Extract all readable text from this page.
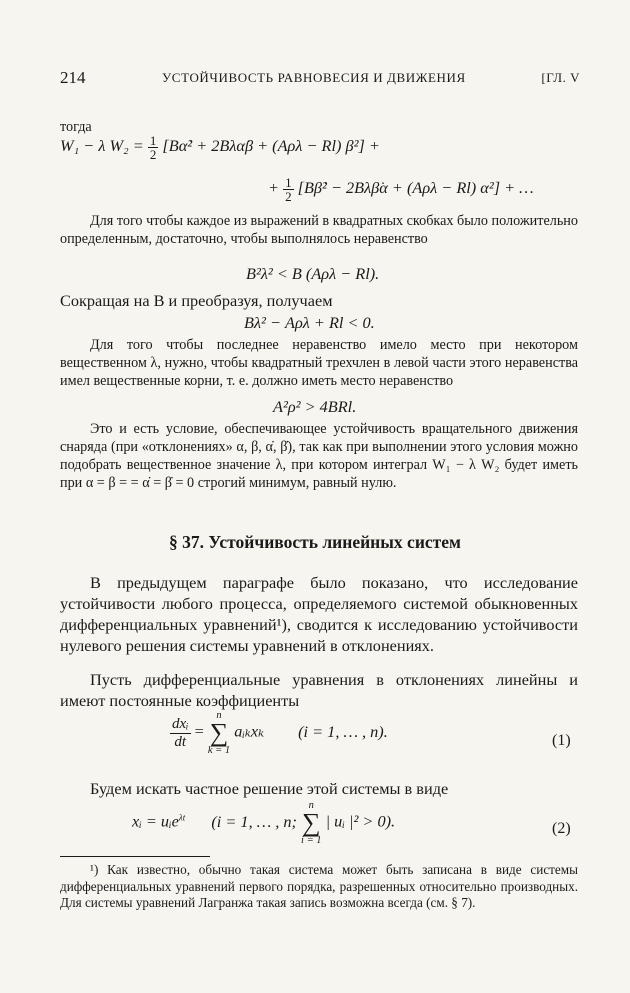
214	УСТОЙЧИВОСТЬ РАВНОВЕСИЯ И ДВИЖЕНИЯ	[ГЛ. V
тогда
W₁ − λ $W_2 = \frac{1}{2}$ [Bα̇² + 2Bλα̇β + (Aρλ − Rl) β²] +
+ $\frac{1}{2}$ [Bβ̇² − 2Bλβ̇α + (Aρλ − Rl) α²] + …

Для того чтобы каждое из выражений в квадратных скобках было положительно определенным, достаточно, чтобы выполнялось неравенство

B²λ² < B (Aρλ − Rl).

Сокращая на B и преобразуя, получаем

Bλ² − Aρλ + Rl < 0.

Для того чтобы последнее неравенство имело место при некотором вещественном λ, нужно, чтобы квадратный трехчлен в левой части этого неравенства имел вещественные корни, т. е. должно иметь место неравенство

A²ρ² > 4BRl.

Это и есть условие, обеспечивающее устойчивость вращательного движения снаряда (при «отклонениях» α, β, α̇, β̇), так как при выполнении этого условия можно подобрать вещественное значение λ, при котором интеграл W₁ − λ W₂ будет иметь при α = β = = α̇ = β̇ = 0 строгий минимум, равный нулю.

§ 37. Устойчивость линейных систем

В предыдущем параграфе было показано, что исследование устойчивости любого процесса, определяемого системой обыкновенных дифференциальных уравнений¹), сводится к исследованию устойчивости нулевого решения системы уравнений в отклонениях.

Пусть дифференциальные уравнения в отклонениях линейны и имеют постоянные коэффициенты

$\frac{\text{dxᵢ}}{dt}$ =
n
∑
k = 1
aᵢₖxₖ (i = 1, … , n).	(1)

Будем искать частное решение этой системы в виде

xᵢ = uᵢe$^{\lambda t}$ (i = 1, … , n;
n
∑
i = 1
| uᵢ |² > 0).	(2)

¹) Как известно, обычно такая система может быть записана в виде системы дифференциальных уравнений первого порядка, разрешенных относительно производных. Для системы уравнений Лагранжа такая запись возможна всегда (см. § 7).
